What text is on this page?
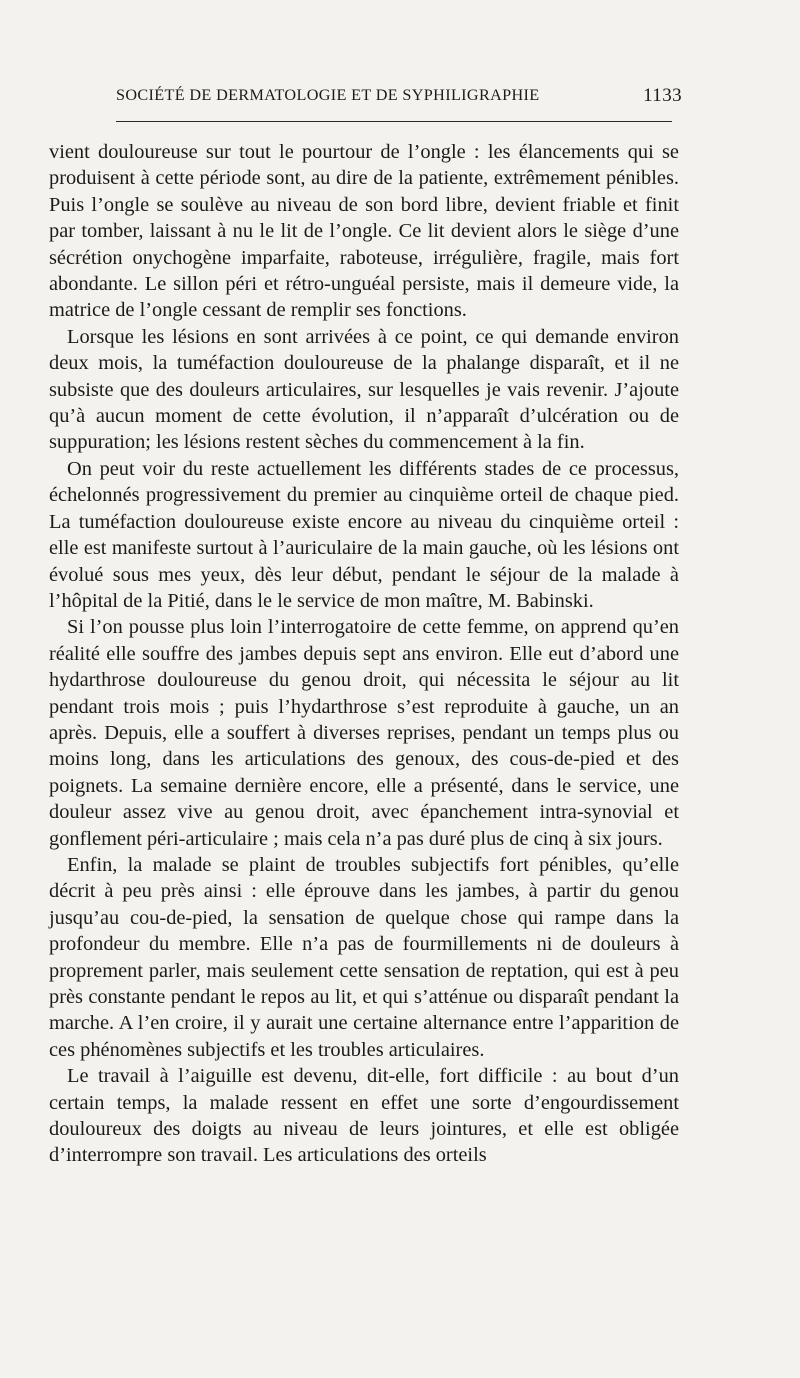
SOCIÉTÉ DE DERMATOLOGIE ET DE SYPHILIGRAPHIE	1133

vient douloureuse sur tout le pourtour de l’ongle : les élancements qui se produisent à cette période sont, au dire de la patiente, extrêmement pénibles. Puis l’ongle se soulève au niveau de son bord libre, devient friable et finit par tomber, laissant à nu le lit de l’ongle. Ce lit devient alors le siège d’une sécrétion onychogène imparfaite, raboteuse, irrégulière, fragile, mais fort abondante. Le sillon péri et rétro-unguéal persiste, mais il demeure vide, la matrice de l’ongle cessant de remplir ses fonctions.

Lorsque les lésions en sont arrivées à ce point, ce qui demande environ deux mois, la tuméfaction douloureuse de la phalange disparaît, et il ne subsiste que des douleurs articulaires, sur lesquelles je vais revenir. J’ajoute qu’à aucun moment de cette évolution, il n’apparaît d’ulcération ou de suppuration; les lésions restent sèches du commencement à la fin.

On peut voir du reste actuellement les différents stades de ce processus, échelonnés progressivement du premier au cinquième orteil de chaque pied. La tuméfaction douloureuse existe encore au niveau du cinquième orteil : elle est manifeste surtout à l’auriculaire de la main gauche, où les lésions ont évolué sous mes yeux, dès leur début, pendant le séjour de la malade à l’hôpital de la Pitié, dans le le service de mon maître, M. Babinski.

Si l’on pousse plus loin l’interrogatoire de cette femme, on apprend qu’en réalité elle souffre des jambes depuis sept ans environ. Elle eut d’abord une hydarthrose douloureuse du genou droit, qui nécessita le séjour au lit pendant trois mois ; puis l’hydarthrose s’est reproduite à gauche, un an après. Depuis, elle a souffert à diverses reprises, pendant un temps plus ou moins long, dans les articulations des genoux, des cous-de-pied et des poignets. La semaine dernière encore, elle a présenté, dans le service, une douleur assez vive au genou droit, avec épanchement intra-synovial et gonflement péri-articulaire ; mais cela n’a pas duré plus de cinq à six jours.

Enfin, la malade se plaint de troubles subjectifs fort pénibles, qu’elle décrit à peu près ainsi : elle éprouve dans les jambes, à partir du genou jusqu’au cou-de-pied, la sensation de quelque chose qui rampe dans la profondeur du membre. Elle n’a pas de fourmillements ni de douleurs à proprement parler, mais seulement cette sensation de reptation, qui est à peu près constante pendant le repos au lit, et qui s’atténue ou disparaît pendant la marche. A l’en croire, il y aurait une certaine alternance entre l’apparition de ces phénomènes subjectifs et les troubles articulaires.

Le travail à l’aiguille est devenu, dit-elle, fort difficile : au bout d’un certain temps, la malade ressent en effet une sorte d’engourdissement douloureux des doigts au niveau de leurs jointures, et elle est obligée d’interrompre son travail. Les articulations des orteils
